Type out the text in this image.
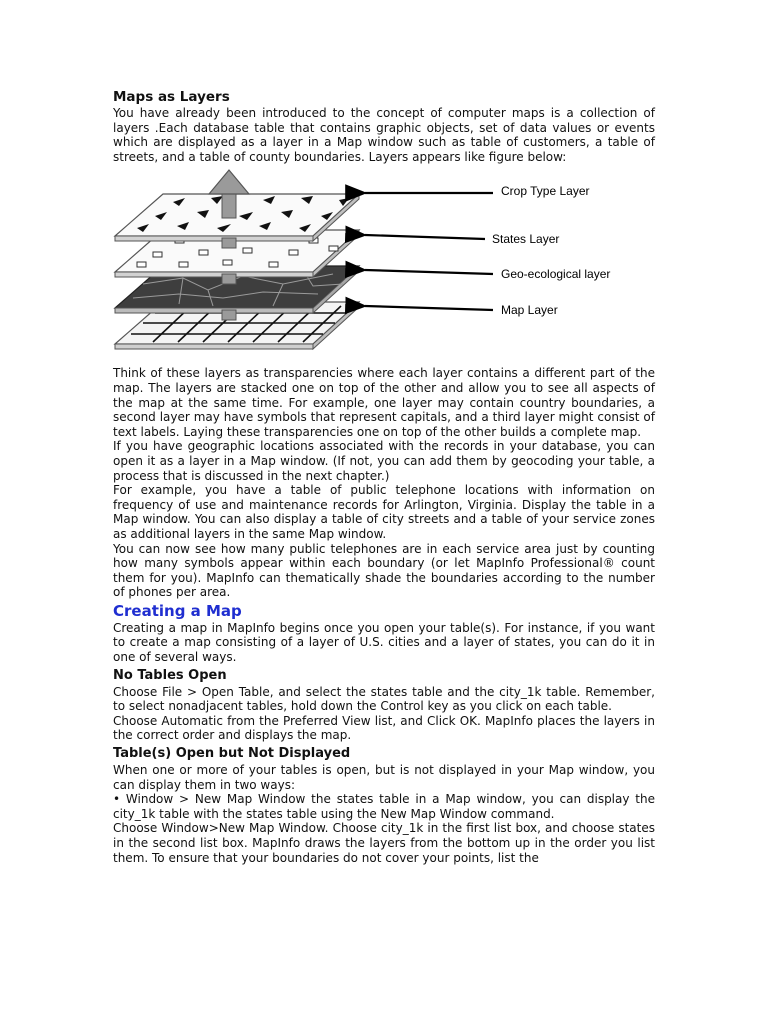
Maps as Layers

You have already been introduced to the concept of computer maps is a collection of layers .Each database table that contains graphic objects, set of data values or events which are displayed as a layer in a Map window such as table of customers, a table of streets, and a table of county boundaries. Layers appears like figure below:

Crop Type Layer
States Layer
Geo-ecological layer
Map Layer

Think of these layers as transparencies where each layer contains a different part of the map. The layers are stacked one on top of the other and allow you to see all aspects of the map at the same time. For example, one layer may contain country boundaries, a second layer may have symbols that represent capitals, and a third layer might consist of text labels. Laying these transparencies one on top of the other builds a complete map.

If you have geographic locations associated with the records in your database, you can open it as a layer in a Map window. (If not, you can add them by geocoding your table, a process that is discussed in the next chapter.)

For example, you have a table of public telephone locations with information on frequency of use and maintenance records for Arlington, Virginia. Display the table in a Map window. You can also display a table of city streets and a table of your service zones as additional layers in the same Map window.

You can now see how many public telephones are in each service area just by counting how many symbols appear within each boundary (or let MapInfo Professional® count them for you). MapInfo can thematically shade the boundaries according to the number of phones per area.

Creating a Map

Creating a map in MapInfo begins once you open your table(s). For instance, if you want to create a map consisting of a layer of U.S. cities and a layer of states, you can do it in one of several ways.

No Tables Open

Choose File > Open Table, and select the states table and the city_1k table. Remember, to select nonadjacent tables, hold down the Control key as you click on each table.

Choose Automatic from the Preferred View list, and Click OK. MapInfo places the layers in the correct order and displays the map.

Table(s) Open but Not Displayed

When one or more of your tables is open, but is not displayed in your Map window, you can display them in two ways:

• Window > New Map Window the states table in a Map window, you can display the city_1k table with the states table using the New Map Window command.

Choose Window>New Map Window. Choose city_1k in the first list box, and choose states in the second list box. MapInfo draws the layers from the bottom up in the order you list them. To ensure that your boundaries do not cover your points, list the
